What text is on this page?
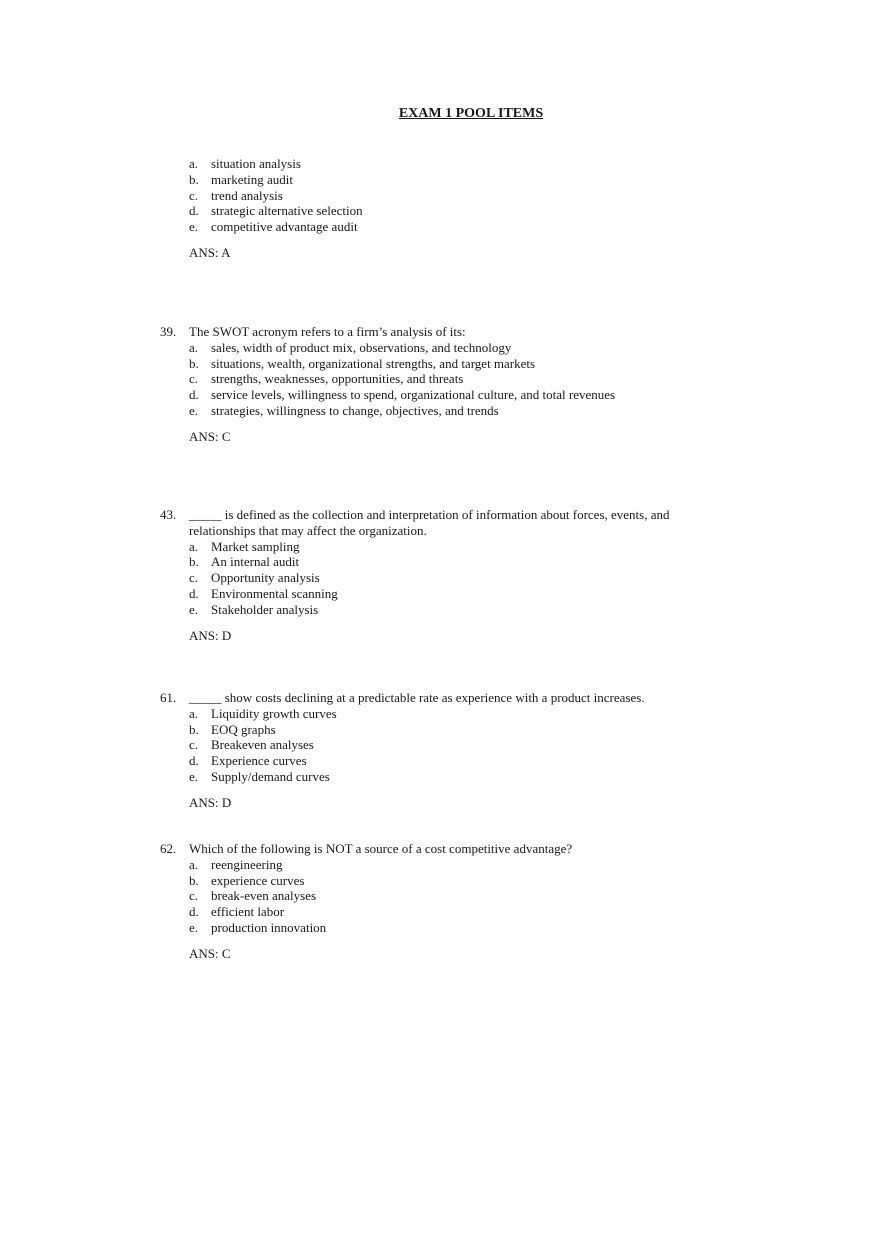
EXAM 1 POOL ITEMS
a. situation analysis
b. marketing audit
c. trend analysis
d. strategic alternative selection
e. competitive advantage audit
ANS: A
39. The SWOT acronym refers to a firm’s analysis of its:
a. sales, width of product mix, observations, and technology
b. situations, wealth, organizational strengths, and target markets
c. strengths, weaknesses, opportunities, and threats
d. service levels, willingness to spend, organizational culture, and total revenues
e. strategies, willingness to change, objectives, and trends
ANS: C
43. _____ is defined as the collection and interpretation of information about forces, events, and relationships that may affect the organization.
a. Market sampling
b. An internal audit
c. Opportunity analysis
d. Environmental scanning
e. Stakeholder analysis
ANS: D
61. _____ show costs declining at a predictable rate as experience with a product increases.
a. Liquidity growth curves
b. EOQ graphs
c. Breakeven analyses
d. Experience curves
e. Supply/demand curves
ANS: D
62. Which of the following is NOT a source of a cost competitive advantage?
a. reengineering
b. experience curves
c. break-even analyses
d. efficient labor
e. production innovation
ANS: C
